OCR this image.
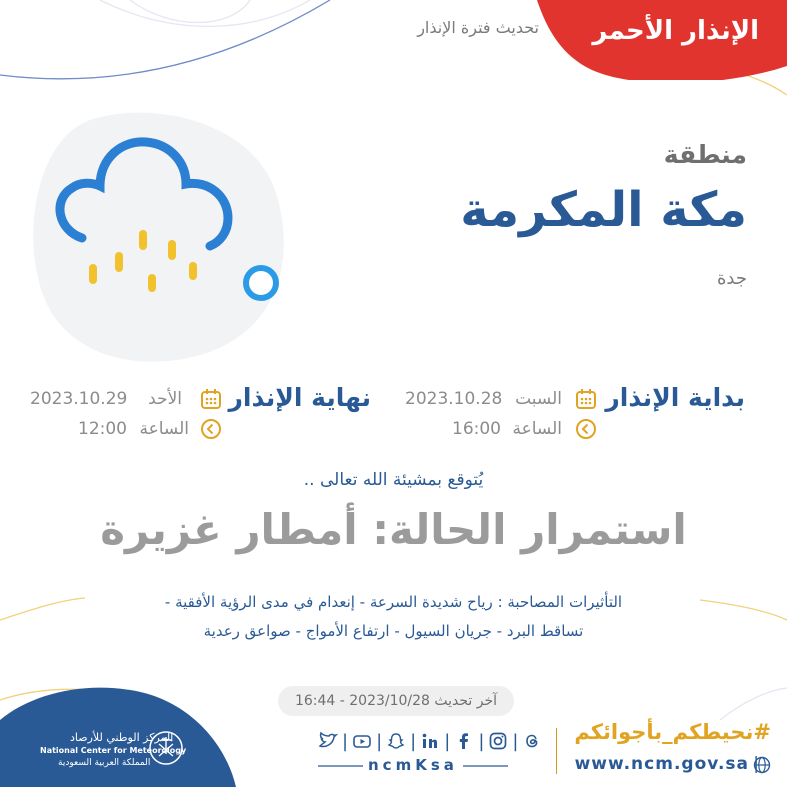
الإنذار الأحمر
تحديث فترة الإنذار
منطقة
مكة المكرمة
جدة
بداية الإنذار
السبت
2023.10.28
الساعة
16:00
نهاية الإنذار
الأحد
2023.10.29
الساعة
12:00
يُتوقع بمشيئة الله تعالى ..
استمرار الحالة: أمطار غزيرة
التأثيرات المصاحبة : رياح شديدة السرعة - إنعدام في مدى الرؤية الأفقية -
تساقط البرد - جريان السيول - ارتفاع الأمواج - صواعق رعدية
آخر تحديث 2023/10/28 - 16:44
المركز الوطني للأرصاد
National Center for Meteorology
المملكة العربية السعودية
| | | | | |
ncmKsa
#نحيطكم_بأجوائكم
www.ncm.gov.sa |
